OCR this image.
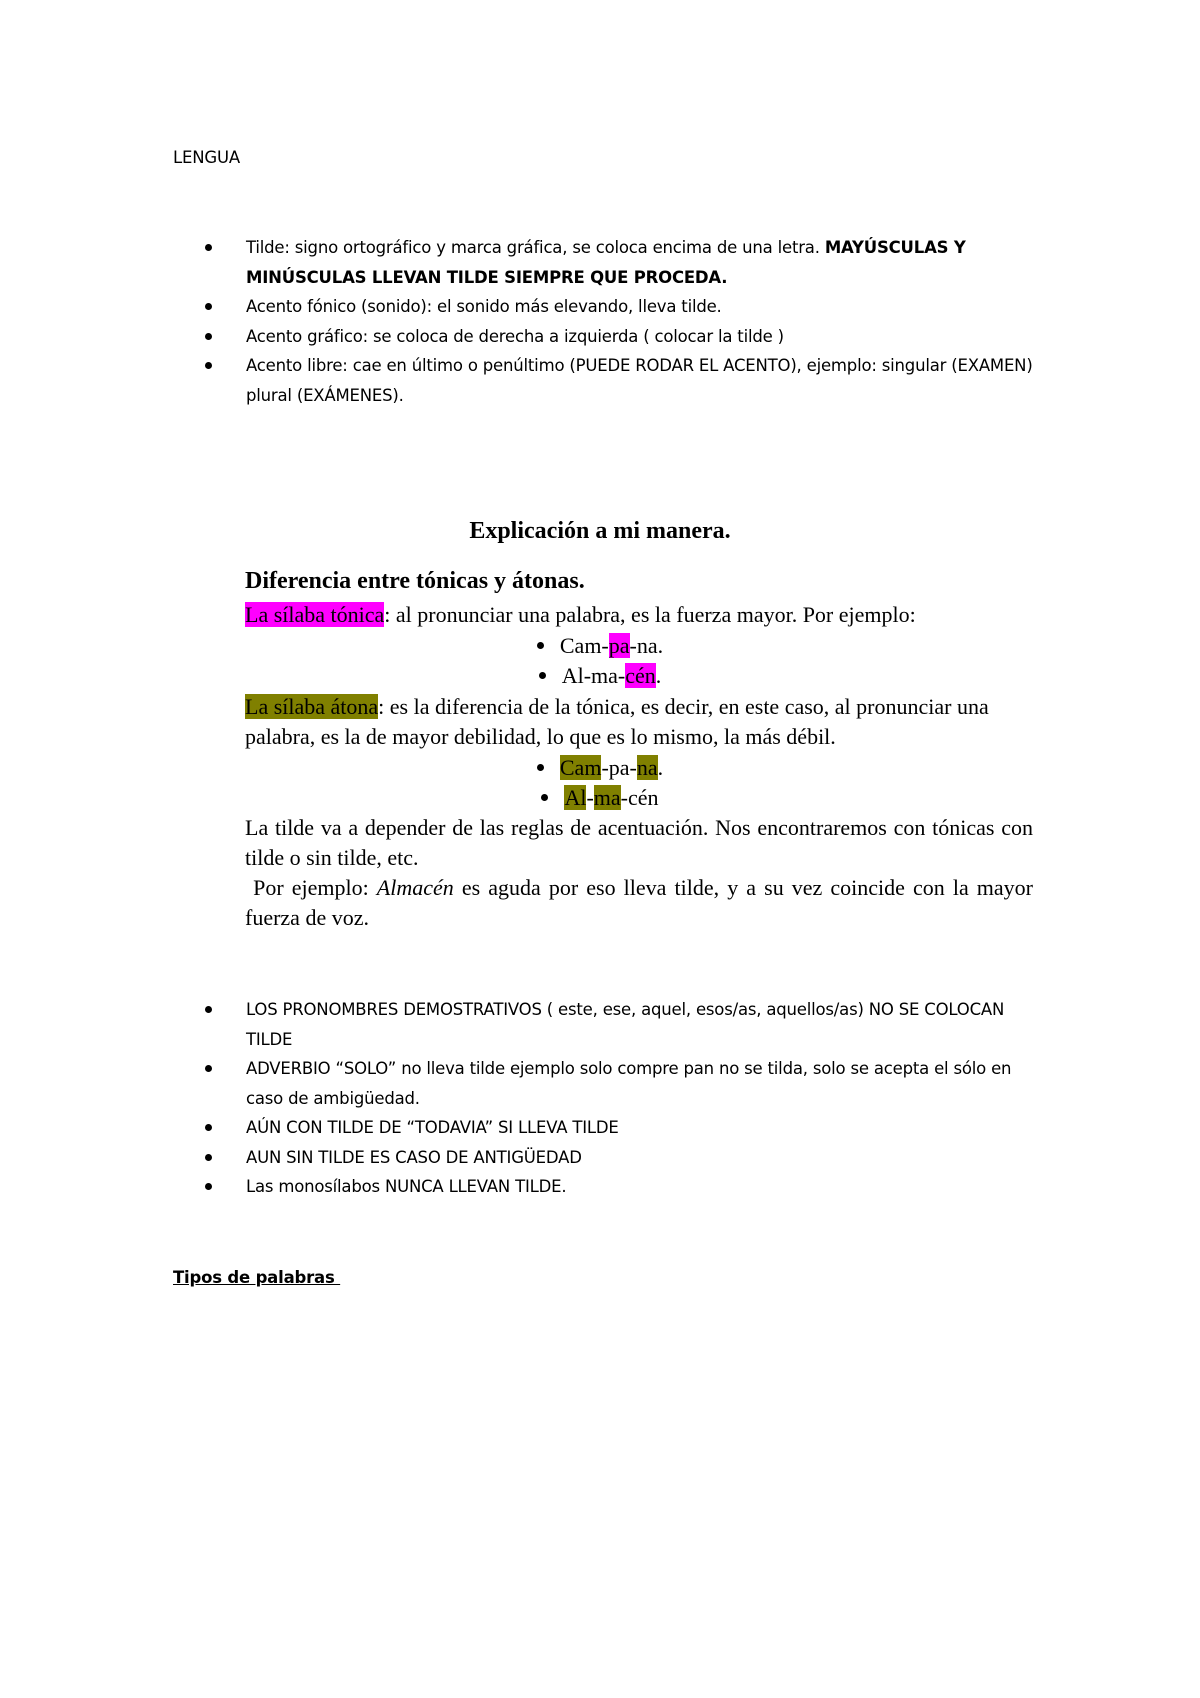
LENGUA
Tilde: signo ortográfico y marca gráfica, se coloca encima de una letra. MAYÚSCULAS Y MINÚSCULAS LLEVAN TILDE SIEMPRE QUE PROCEDA.
Acento fónico (sonido): el sonido más elevando, lleva tilde.
Acento gráfico: se coloca de derecha a izquierda ( colocar la tilde )
Acento libre: cae en último o penúltimo (PUEDE RODAR EL ACENTO), ejemplo: singular (EXAMEN) plural (EXÁMENES).
Explicación a mi manera.
Diferencia entre tónicas y átonas.
La sílaba tónica: al pronunciar una palabra, es la fuerza mayor. Por ejemplo:
Cam-pa-na.
Al-ma-cén.
La sílaba átona: es la diferencia de la tónica, es decir, en este caso, al pronunciar una palabra, es la de mayor debilidad, lo que es lo mismo, la más débil.
Cam-pa-na.
Al-ma-cén
La tilde va a depender de las reglas de acentuación. Nos encontraremos con tónicas con tilde o sin tilde, etc.
Por ejemplo: Almacén es aguda por eso lleva tilde, y a su vez coincide con la mayor fuerza de voz.
LOS PRONOMBRES DEMOSTRATIVOS ( este, ese, aquel, esos/as, aquellos/as) NO SE COLOCAN TILDE
ADVERBIO “SOLO” no lleva tilde ejemplo solo compre pan no se tilda, solo se acepta el sólo en caso de ambigüedad.
AÚN CON TILDE DE “TODAVIA” SI LLEVA TILDE
AUN SIN TILDE ES CASO DE ANTIGÜEDAD
Las monosílabos NUNCA LLEVAN TILDE.
Tipos de palabras
